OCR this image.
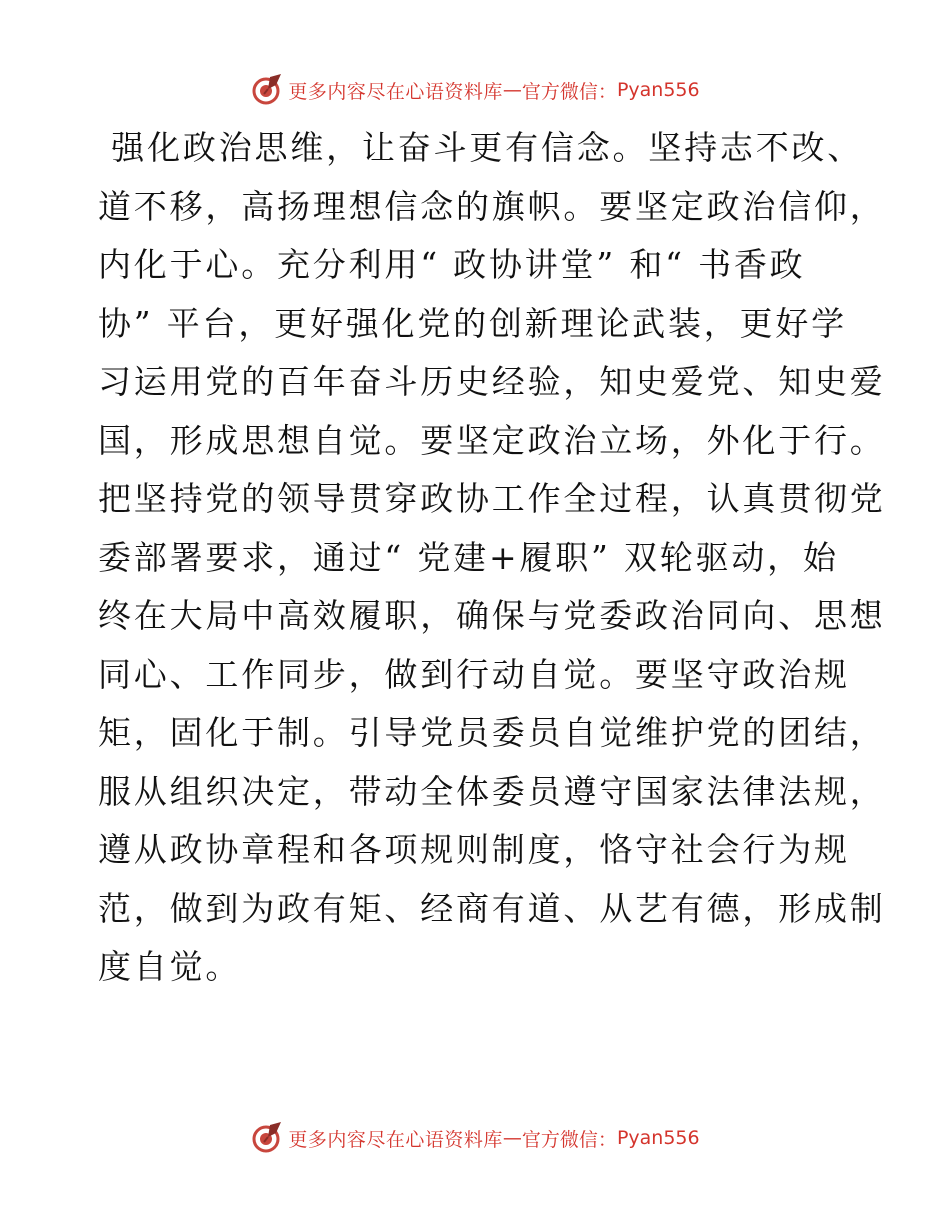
更多内容尽在心语资料库 — 官方微信： Pyan556
强化政治思维，让奋斗更有信念。坚持志不改、
道不移，高扬理想信念的旗帜。要坚定政治信仰，
内化于心。充分利用“ 政协讲堂” 和“ 书香政
协” 平台，更好强化党的创新理论武装，更好学
习运用党的百年奋斗历史经验，知史爱党、知史爱
国，形成思想自觉。要坚定政治立场，外化于行。
把坚持党的领导贯穿政协工作全过程，认真贯彻党
委部署要求，通过“ 党建+履职” 双轮驱动，始
终在大局中高效履职，确保与党委政治同向、思想
同心、工作同步，做到行动自觉。要坚守政治规
矩，固化于制。引导党员委员自觉维护党的团结，
服从组织决定，带动全体委员遵守国家法律法规，
遵从政协章程和各项规则制度，恪守社会行为规
范，做到为政有矩、经商有道、从艺有德，形成制
度自觉。
更多内容尽在心语资料库 — 官方微信： Pyan556
